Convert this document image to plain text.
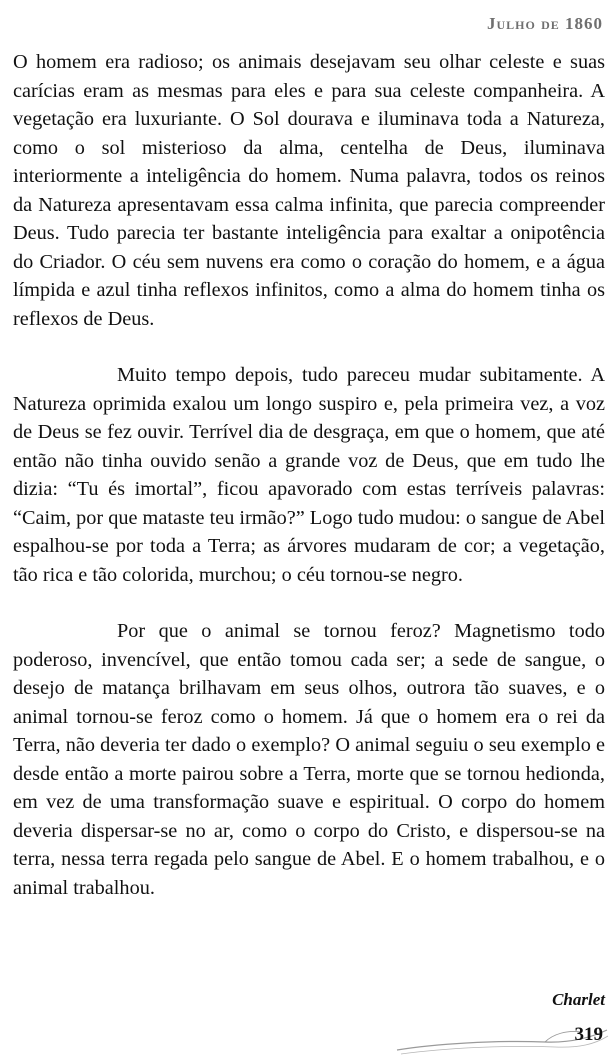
Julho de 1860

O homem era radioso; os animais desejavam seu olhar celeste e suas carícias eram as mesmas para eles e para sua celeste companheira. A vegetação era luxuriante. O Sol dourava e iluminava toda a Natureza, como o sol misterioso da alma, centelha de Deus, iluminava interiormente a inteligência do homem. Numa palavra, todos os reinos da Natureza apresentavam essa calma infinita, que parecia compreender Deus. Tudo parecia ter bastante inteligência para exaltar a onipotência do Criador. O céu sem nuvens era como o coração do homem, e a água límpida e azul tinha reflexos infinitos, como a alma do homem tinha os reflexos de Deus.

Muito tempo depois, tudo pareceu mudar subitamente. A Natureza oprimida exalou um longo suspiro e, pela primeira vez, a voz de Deus se fez ouvir. Terrível dia de desgraça, em que o homem, que até então não tinha ouvido senão a grande voz de Deus, que em tudo lhe dizia: “Tu és imortal”, ficou apavorado com estas terríveis palavras: “Caim, por que mataste teu irmão?” Logo tudo mudou: o sangue de Abel espalhou-se por toda a Terra; as árvores mudaram de cor; a vegetação, tão rica e tão colorida, murchou; o céu tornou-se negro.

Por que o animal se tornou feroz? Magnetismo todo poderoso, invencível, que então tomou cada ser; a sede de sangue, o desejo de matança brilhavam em seus olhos, outrora tão suaves, e o animal tornou-se feroz como o homem. Já que o homem era o rei da Terra, não deveria ter dado o exemplo? O animal seguiu o seu exemplo e desde então a morte pairou sobre a Terra, morte que se tornou hedionda, em vez de uma transformação suave e espiritual. O corpo do homem deveria dispersar-se no ar, como o corpo do Cristo, e dispersou-se na terra, nessa terra regada pelo sangue de Abel. E o homem trabalhou, e o animal trabalhou.

Charlet
319
